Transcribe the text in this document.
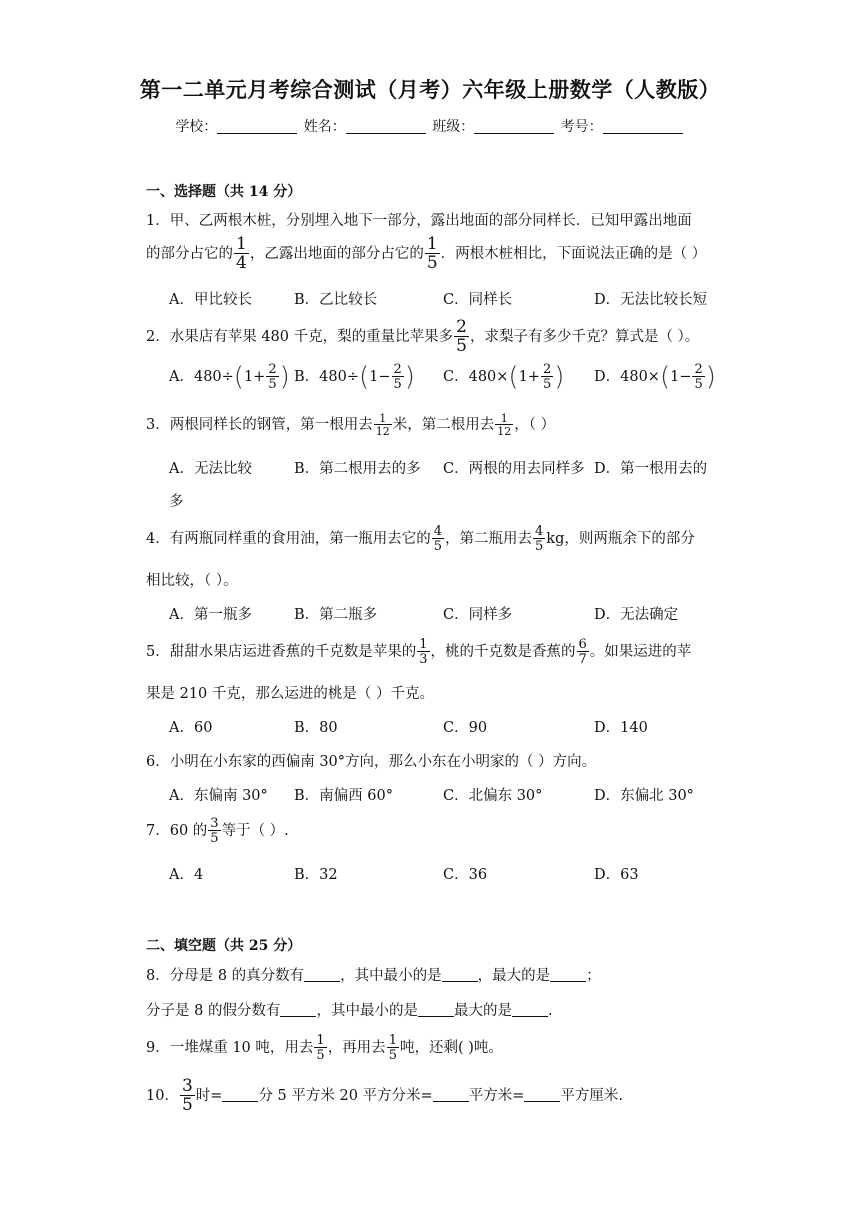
第一二单元月考综合测试（月考）六年级上册数学（人教版）
学校：	姓名：	班级：	考号：
一、选择题（共 14 分）
1．甲、乙两根木桩，分别埋入地下一部分，露出地面的部分同样长．已知甲露出地面
的部分占它的 $\frac{1}{4}$ ，乙露出地面的部分占它的 $\frac{1}{5}$ ．两根木桩相比，下面说法正确的是（ ）
A．甲比较长	B．乙比较长	C．同样长	D．无法比较长短
2．水果店有苹果 480 千克，梨的重量比苹果多 $\frac{2}{5}$ ，求梨子有多少千克？算式是（ ）。
A．$480\div(1+ \frac{2}{5}$ ) B．$480\div(1- \frac{2}{5}$ ) C．$480\times(1+ \frac{2}{5}$ ) D．$480\times(1- \frac{2}{5}$ )
3．两根同样长的钢管，第一根用去 $\frac{1}{12}$ 米，第二根用去 $\frac{1}{12}$ ，（ ）
A．无法比较	B．第二根用去的多 C．两根的用去同样多 D．第一根用去的
多
4．有两瓶同样重的食用油，第一瓶用去它的 $\frac{4}{5}$ ，第二瓶用去 $\frac{4}{5}$ kg，则两瓶余下的部分
相比较，（ ）。
A．第一瓶多	B．第二瓶多	C．同样多	D．无法确定
5．甜甜水果店运进香蕉的千克数是苹果的 $\frac{1}{3}$ ，桃的千克数是香蕉的 $\frac{6}{7}$ 。如果运进的苹
果是 210 千克，那么运进的桃是（ ）千克。
A．60	B．80	C．90	D．140
6．小明在小东家的西偏南 30°方向，那么小东在小明家的（ ）方向。
A．东偏南 30° B．南偏西 60°	C．北偏东 30°	D．东偏北 30°
7．60 的 $\frac{3}{5}$ 等于（ ）.
A．4	B．32	C．36	D．63
二、填空题（共 25 分）
8．分母是 8 的真分数有 ，其中最小的是 ，最大的是 ；
分子是 8 的假分数有 ，其中最小的是 最大的是 .
9．一堆煤重 10 吨，用去 $\frac{1}{5}$ ，再用去 $\frac{1}{5}$ 吨，还剩( )吨。
10． $\frac{3}{5}$ 时= 分 5 平方米 20 平方分米= 平方米= 平方厘米.
